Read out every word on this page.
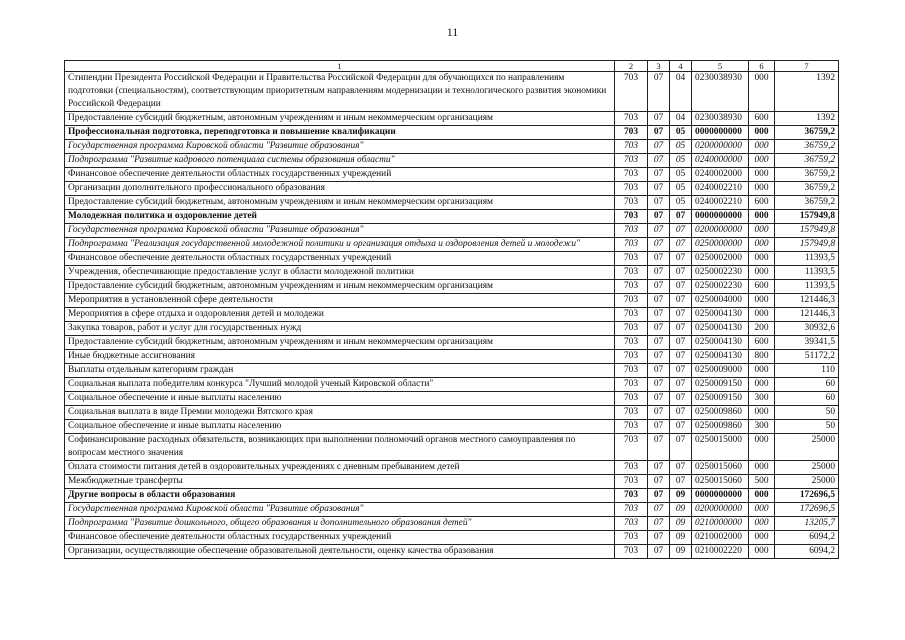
11
1	2	3	4	5	6	7
Стипендии Президента Российской Федерации и Правительства Российской Федерации для обучающихся по направлениям подготовки (специальностям), соответствующим приоритетным направлениям модернизации и технологического развития экономики Российской Федерации	703	07	04	0230038930	000	1392
Предоставление субсидий бюджетным, автономным учреждениям и иным некоммерческим организациям	703	07	04	0230038930	600	1392
Профессиональная подготовка, переподготовка и повышение квалификации	703	07	05	0000000000	000	36759,2
Государственная программа Кировской области "Развитие образования"	703	07	05	0200000000	000	36759,2
Подпрограмма "Развитие кадрового потенциала системы образования области"	703	07	05	0240000000	000	36759,2
Финансовое обеспечение деятельности областных государственных учреждений	703	07	05	0240002000	000	36759,2
Организации дополнительного профессионального образования	703	07	05	0240002210	000	36759,2
Предоставление субсидий бюджетным, автономным учреждениям и иным некоммерческим организациям	703	07	05	0240002210	600	36759,2
Молодежная политика и оздоровление детей	703	07	07	0000000000	000	157949,8
Государственная программа Кировской области "Развитие образования"	703	07	07	0200000000	000	157949,8
Подпрограмма "Реализация государственной молодежной политики и организация отдыха и оздоровления детей и молодежи"	703	07	07	0250000000	000	157949,8
Финансовое обеспечение деятельности областных государственных учреждений	703	07	07	0250002000	000	11393,5
Учреждения, обеспечивающие предоставление услуг в области молодежной политики	703	07	07	0250002230	000	11393,5
Предоставление субсидий бюджетным, автономным учреждениям и иным некоммерческим организациям	703	07	07	0250002230	600	11393,5
Мероприятия в установленной сфере деятельности	703	07	07	0250004000	000	121446,3
Мероприятия в сфере отдыха и оздоровления детей и молодежи	703	07	07	0250004130	000	121446,3
Закупка товаров, работ и услуг для государственных нужд	703	07	07	0250004130	200	30932,6
Предоставление субсидий бюджетным, автономным учреждениям и иным некоммерческим организациям	703	07	07	0250004130	600	39341,5
Иные бюджетные ассигнования	703	07	07	0250004130	800	51172,2
Выплаты отдельным категориям граждан	703	07	07	0250009000	000	110
Социальная выплата победителям конкурса "Лучший молодой ученый Кировской области"	703	07	07	0250009150	000	60
Социальное обеспечение и иные выплаты населению	703	07	07	0250009150	300	60
Социальная выплата в виде Премии молодежи Вятского края	703	07	07	0250009860	000	50
Социальное обеспечение и иные выплаты населению	703	07	07	0250009860	300	50
Софинансирование расходных обязательств, возникающих при выполнении полномочий органов местного самоуправления по вопросам местного значения	703	07	07	0250015000	000	25000
Оплата стоимости питания детей в оздоровительных учреждениях с дневным пребыванием детей	703	07	07	0250015060	000	25000
Межбюджетные трансферты	703	07	07	0250015060	500	25000
Другие вопросы в области образования	703	07	09	0000000000	000	172696,5
Государственная программа Кировской области "Развитие образования"	703	07	09	0200000000	000	172696,5
Подпрограмма "Развитие дошкольного, общего образования и дополнительного образования детей"	703	07	09	0210000000	000	13205,7
Финансовое обеспечение деятельности областных государственных учреждений	703	07	09	0210002000	000	6094,2
Организации, осуществляющие обеспечение образовательной деятельности, оценку качества образования	703	07	09	0210002220	000	6094,2
